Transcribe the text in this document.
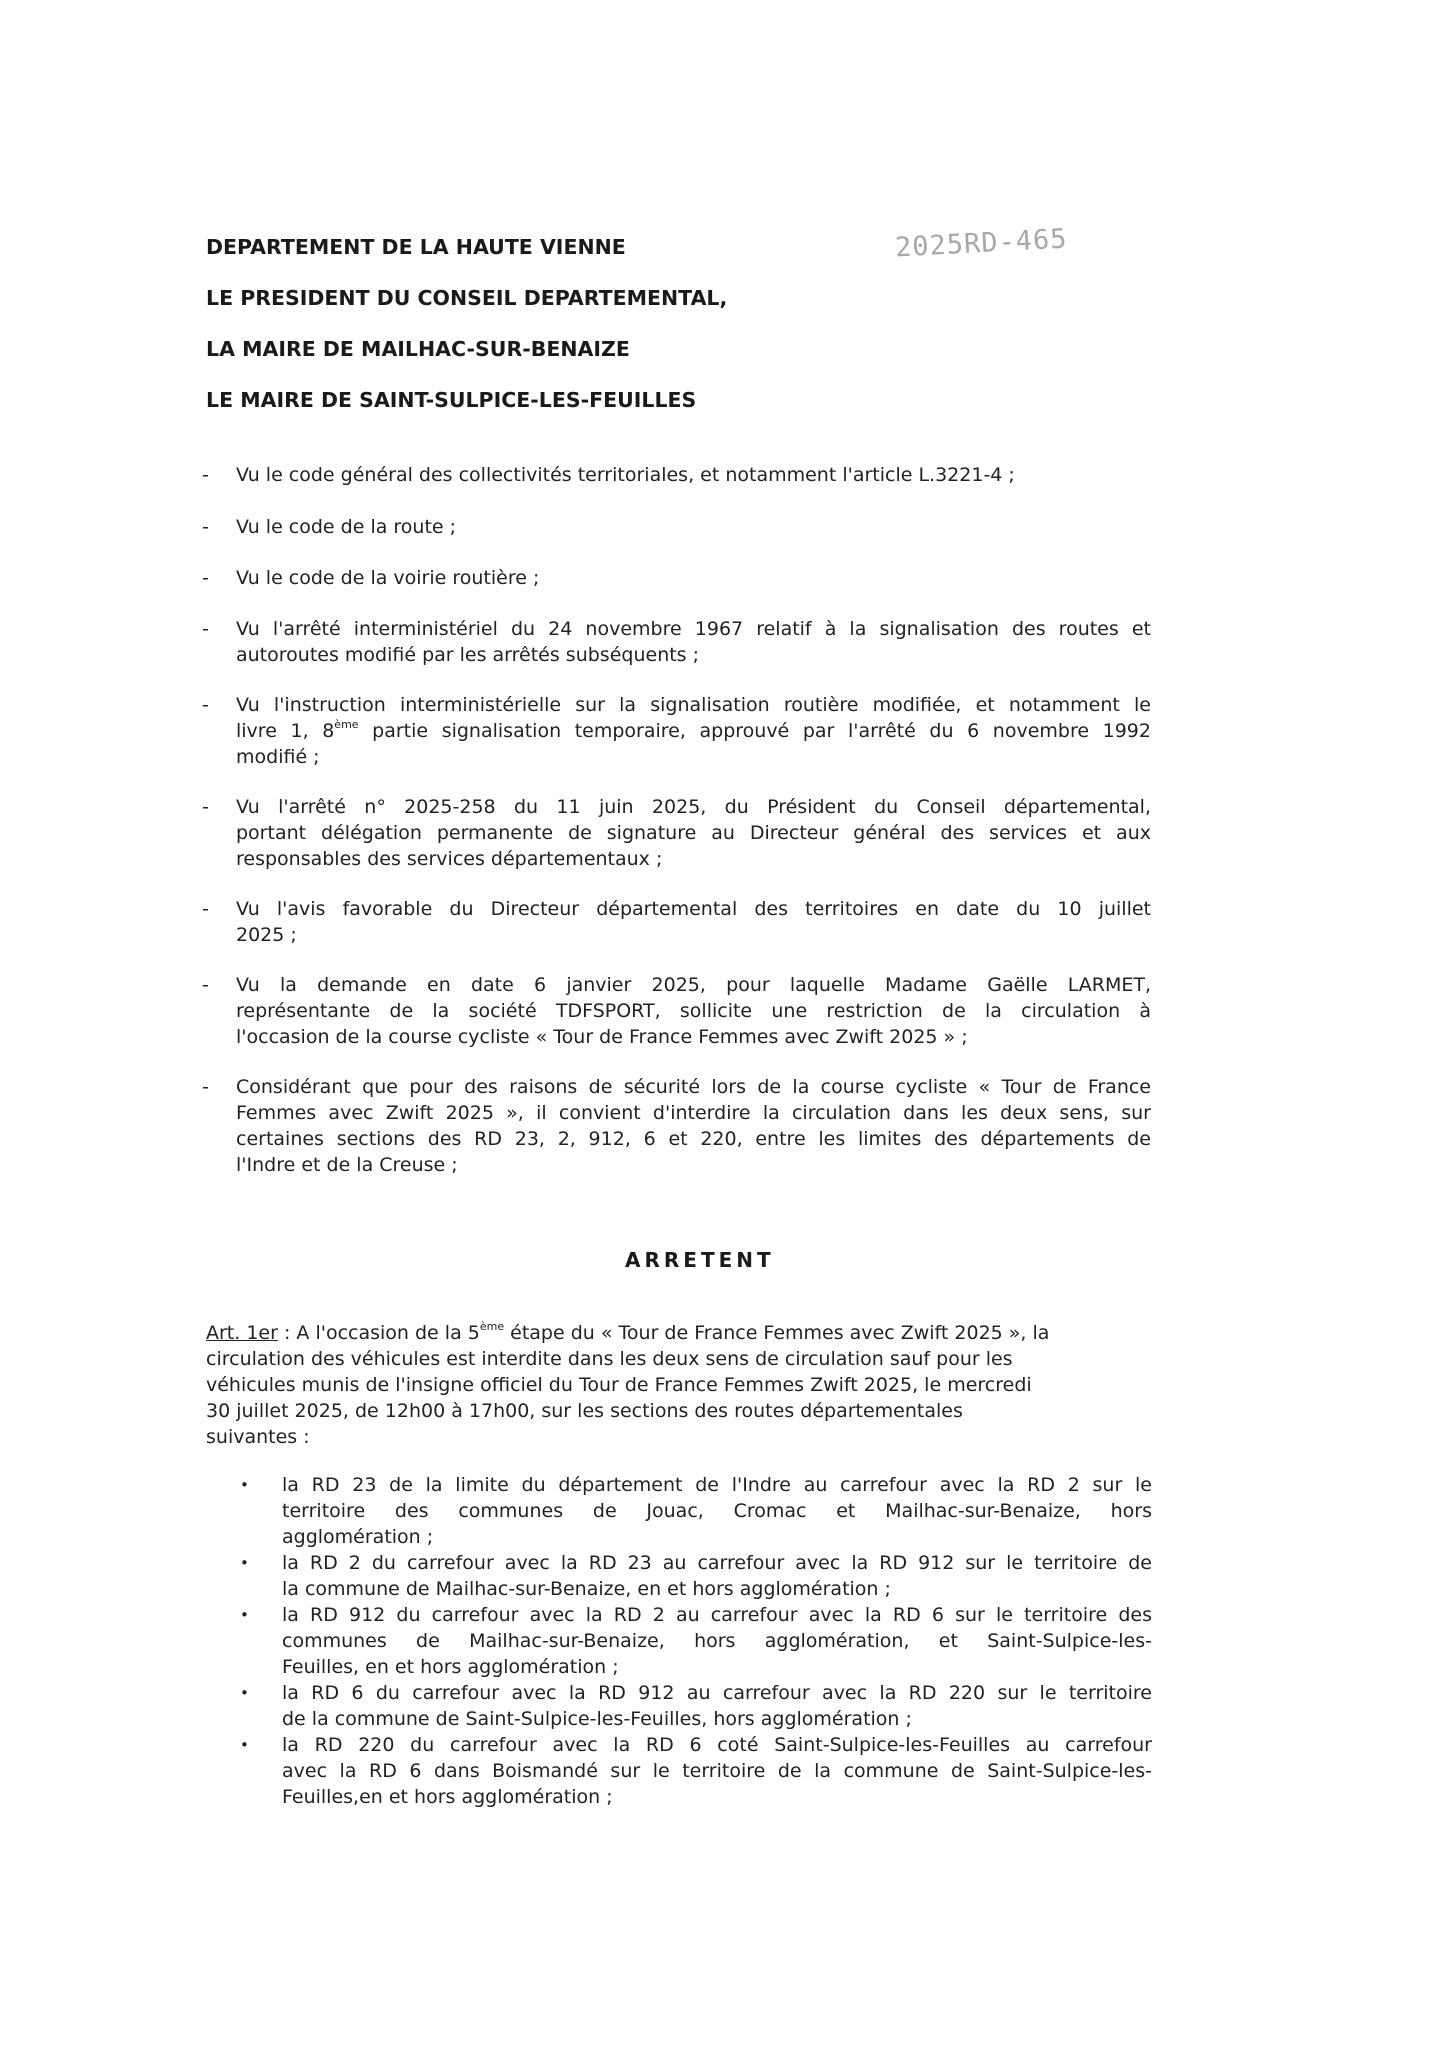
2025RD-465
DEPARTEMENT DE LA HAUTE VIENNE
LE PRESIDENT DU CONSEIL DEPARTEMENTAL,
LA MAIRE DE MAILHAC-SUR-BENAIZE
LE MAIRE DE SAINT-SULPICE-LES-FEUILLES
- Vu le code général des collectivités territoriales, et notamment l'article L.3221-4 ;
- Vu le code de la route ;
- Vu le code de la voirie routière ;
- Vu l'arrêté interministériel du 24 novembre 1967 relatif à la signalisation des routes et
autoroutes modifié par les arrêtés subséquents ;
- Vu l'instruction interministérielle sur la signalisation routière modifiée, et notamment le
livre 1, 8ème partie signalisation temporaire, approuvé par l'arrêté du 6 novembre 1992
modifié ;
- Vu l'arrêté n° 2025-258 du 11 juin 2025, du Président du Conseil départemental,
portant délégation permanente de signature au Directeur général des services et aux
responsables des services départementaux ;
- Vu l'avis favorable du Directeur départemental des territoires en date du 10 juillet
2025 ;
- Vu la demande en date 6 janvier 2025, pour laquelle Madame Gaëlle LARMET,
représentante de la société TDFSPORT, sollicite une restriction de la circulation à
l'occasion de la course cycliste « Tour de France Femmes avec Zwift 2025 » ;
- Considérant que pour des raisons de sécurité lors de la course cycliste « Tour de France
Femmes avec Zwift 2025 », il convient d'interdire la circulation dans les deux sens, sur
certaines sections des RD 23, 2, 912, 6 et 220, entre les limites des départements de
l'Indre et de la Creuse ;
ARRETENT
Art. 1er : A l'occasion de la 5ème étape du « Tour de France Femmes avec Zwift 2025 », la
circulation des véhicules est interdite dans les deux sens de circulation sauf pour les
véhicules munis de l'insigne officiel du Tour de France Femmes Zwift 2025, le mercredi
30 juillet 2025, de 12h00 à 17h00, sur les sections des routes départementales
suivantes :
• la RD 23 de la limite du département de l'Indre au carrefour avec la RD 2 sur le
territoire des communes de Jouac, Cromac et Mailhac-sur-Benaize, hors
agglomération ;
• la RD 2 du carrefour avec la RD 23 au carrefour avec la RD 912 sur le territoire de
la commune de Mailhac-sur-Benaize, en et hors agglomération ;
• la RD 912 du carrefour avec la RD 2 au carrefour avec la RD 6 sur le territoire des
communes de Mailhac-sur-Benaize, hors agglomération, et Saint-Sulpice-les-
Feuilles, en et hors agglomération ;
• la RD 6 du carrefour avec la RD 912 au carrefour avec la RD 220 sur le territoire
de la commune de Saint-Sulpice-les-Feuilles, hors agglomération ;
• la RD 220 du carrefour avec la RD 6 coté Saint-Sulpice-les-Feuilles au carrefour
avec la RD 6 dans Boismandé sur le territoire de la commune de Saint-Sulpice-les-
Feuilles,en et hors agglomération ;
